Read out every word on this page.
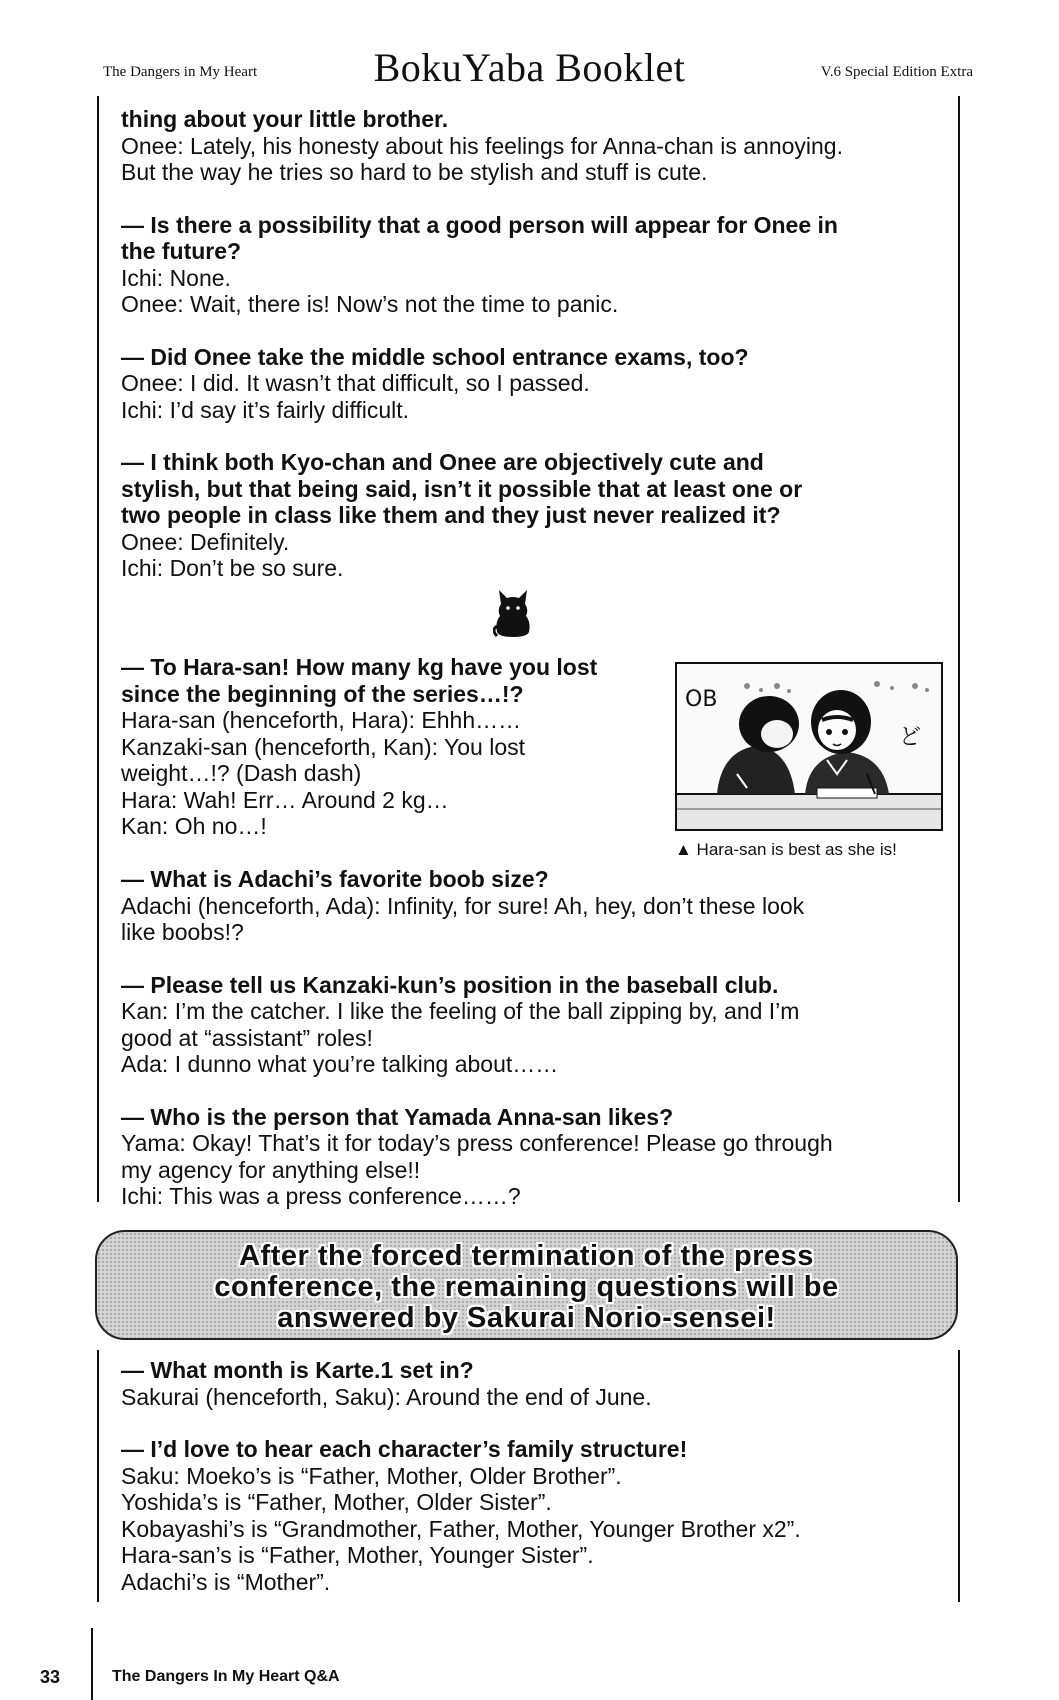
The Dangers in My Heart	BokuYaba Booklet	V.6 Special Edition Extra

thing about your little brother.

Onee: Lately, his honesty about his feelings for Anna-chan is annoying.

But the way he tries so hard to be stylish and stuff is cute.

— Is there a possibility that a good person will appear for Onee in

the future?

Ichi: None.

Onee: Wait, there is! Now’s not the time to panic.

— Did Onee take the middle school entrance exams, too?

Onee: I did. It wasn’t that difficult, so I passed.

Ichi: I’d say it’s fairly difficult.

— I think both Kyo-chan and Onee are objectively cute and

stylish, but that being said, isn’t it possible that at least one or

two people in class like them and they just never realized it?

Onee: Definitely.

Ichi: Don’t be so sure.

— To Hara-san! How many kg have you lost

since the beginning of the series…!?

Hara-san (henceforth, Hara): Ehhh……

Kanzaki-san (henceforth, Kan): You lost

weight…!? (Dash dash)

Hara: Wah! Err… Around 2 kg…

Kan: Oh no…!

OB
ど
▲ Hara-san is best as she is!

— What is Adachi’s favorite boob size?

Adachi (henceforth, Ada): Infinity, for sure! Ah, hey, don’t these look

like boobs!?

— Please tell us Kanzaki-kun’s position in the baseball club.

Kan: I’m the catcher. I like the feeling of the ball zipping by, and I’m

good at “assistant” roles!

Ada: I dunno what you’re talking about……

— Who is the person that Yamada Anna-san likes?

Yama: Okay! That’s it for today’s press conference! Please go through

my agency for anything else!!

Ichi: This was a press conference……?

After the forced termination of the press
conference, the remaining questions will be
answered by Sakurai Norio-sensei!

— What month is Karte.1 set in?

Sakurai (henceforth, Saku): Around the end of June.

— I’d love to hear each character’s family structure!

Saku: Moeko’s is “Father, Mother, Older Brother”.

Yoshida’s is “Father, Mother, Older Sister”.

Kobayashi’s is “Grandmother, Father, Mother, Younger Brother x2”.

Hara-san’s is “Father, Mother, Younger Sister”.

Adachi’s is “Mother”.

33	The Dangers In My Heart Q&A
